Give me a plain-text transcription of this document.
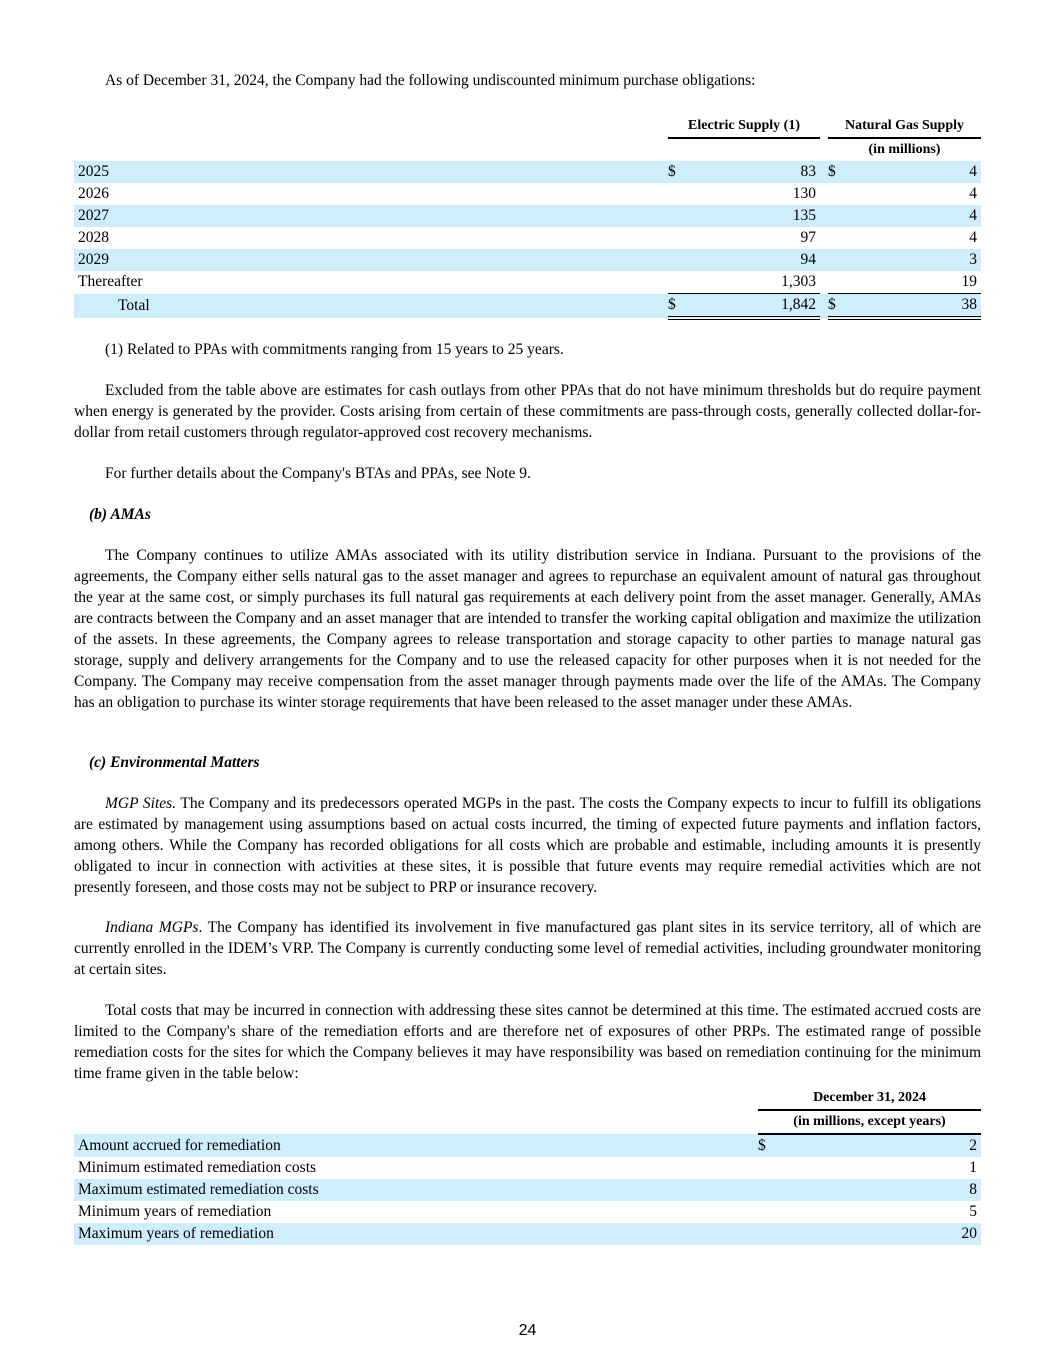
As of December 31, 2024, the Company had the following undiscounted minimum purchase obligations:

	Electric Supply (1)			Natural Gas Supply	
				(in millions)	
2025	$	83		$	4
2026		130			4
2027		135			4
2028		97			4
2029		94			3
Thereafter		1,303			19
Total	$	1,842		$	38

(1) Related to PPAs with commitments ranging from 15 years to 25 years.

Excluded from the table above are estimates for cash outlays from other PPAs that do not have minimum thresholds but do require payment when energy is generated by the provider. Costs arising from certain of these commitments are pass-through costs, generally collected dollar-for-dollar from retail customers through regulator-approved cost recovery mechanisms.

For further details about the Company's BTAs and PPAs, see Note 9.

(b) AMAs

The Company continues to utilize AMAs associated with its utility distribution service in Indiana. Pursuant to the provisions of the agreements, the Company either sells natural gas to the asset manager and agrees to repurchase an equivalent amount of natural gas throughout the year at the same cost, or simply purchases its full natural gas requirements at each delivery point from the asset manager. Generally, AMAs are contracts between the Company and an asset manager that are intended to transfer the working capital obligation and maximize the utilization of the assets. In these agreements, the Company agrees to release transportation and storage capacity to other parties to manage natural gas storage, supply and delivery arrangements for the Company and to use the released capacity for other purposes when it is not needed for the Company. The Company may receive compensation from the asset manager through payments made over the life of the AMAs. The Company has an obligation to purchase its winter storage requirements that have been released to the asset manager under these AMAs.

(c) Environmental Matters

MGP Sites. The Company and its predecessors operated MGPs in the past. The costs the Company expects to incur to fulfill its obligations are estimated by management using assumptions based on actual costs incurred, the timing of expected future payments and inflation factors, among others. While the Company has recorded obligations for all costs which are probable and estimable, including amounts it is presently obligated to incur in connection with activities at these sites, it is possible that future events may require remedial activities which are not presently foreseen, and those costs may not be subject to PRP or insurance recovery.

Indiana MGPs. The Company has identified its involvement in five manufactured gas plant sites in its service territory, all of which are currently enrolled in the IDEM’s VRP. The Company is currently conducting some level of remedial activities, including groundwater monitoring at certain sites.

Total costs that may be incurred in connection with addressing these sites cannot be determined at this time. The estimated accrued costs are limited to the Company's share of the remediation efforts and are therefore net of exposures of other PRPs. The estimated range of possible remediation costs for the sites for which the Company believes it may have responsibility was based on remediation continuing for the minimum time frame given in the table below:

	December 31, 2024	
	(in millions, except years)	
Amount accrued for remediation	$	2
Minimum estimated remediation costs		1
Maximum estimated remediation costs		8
Minimum years of remediation		5
Maximum years of remediation		20
24
